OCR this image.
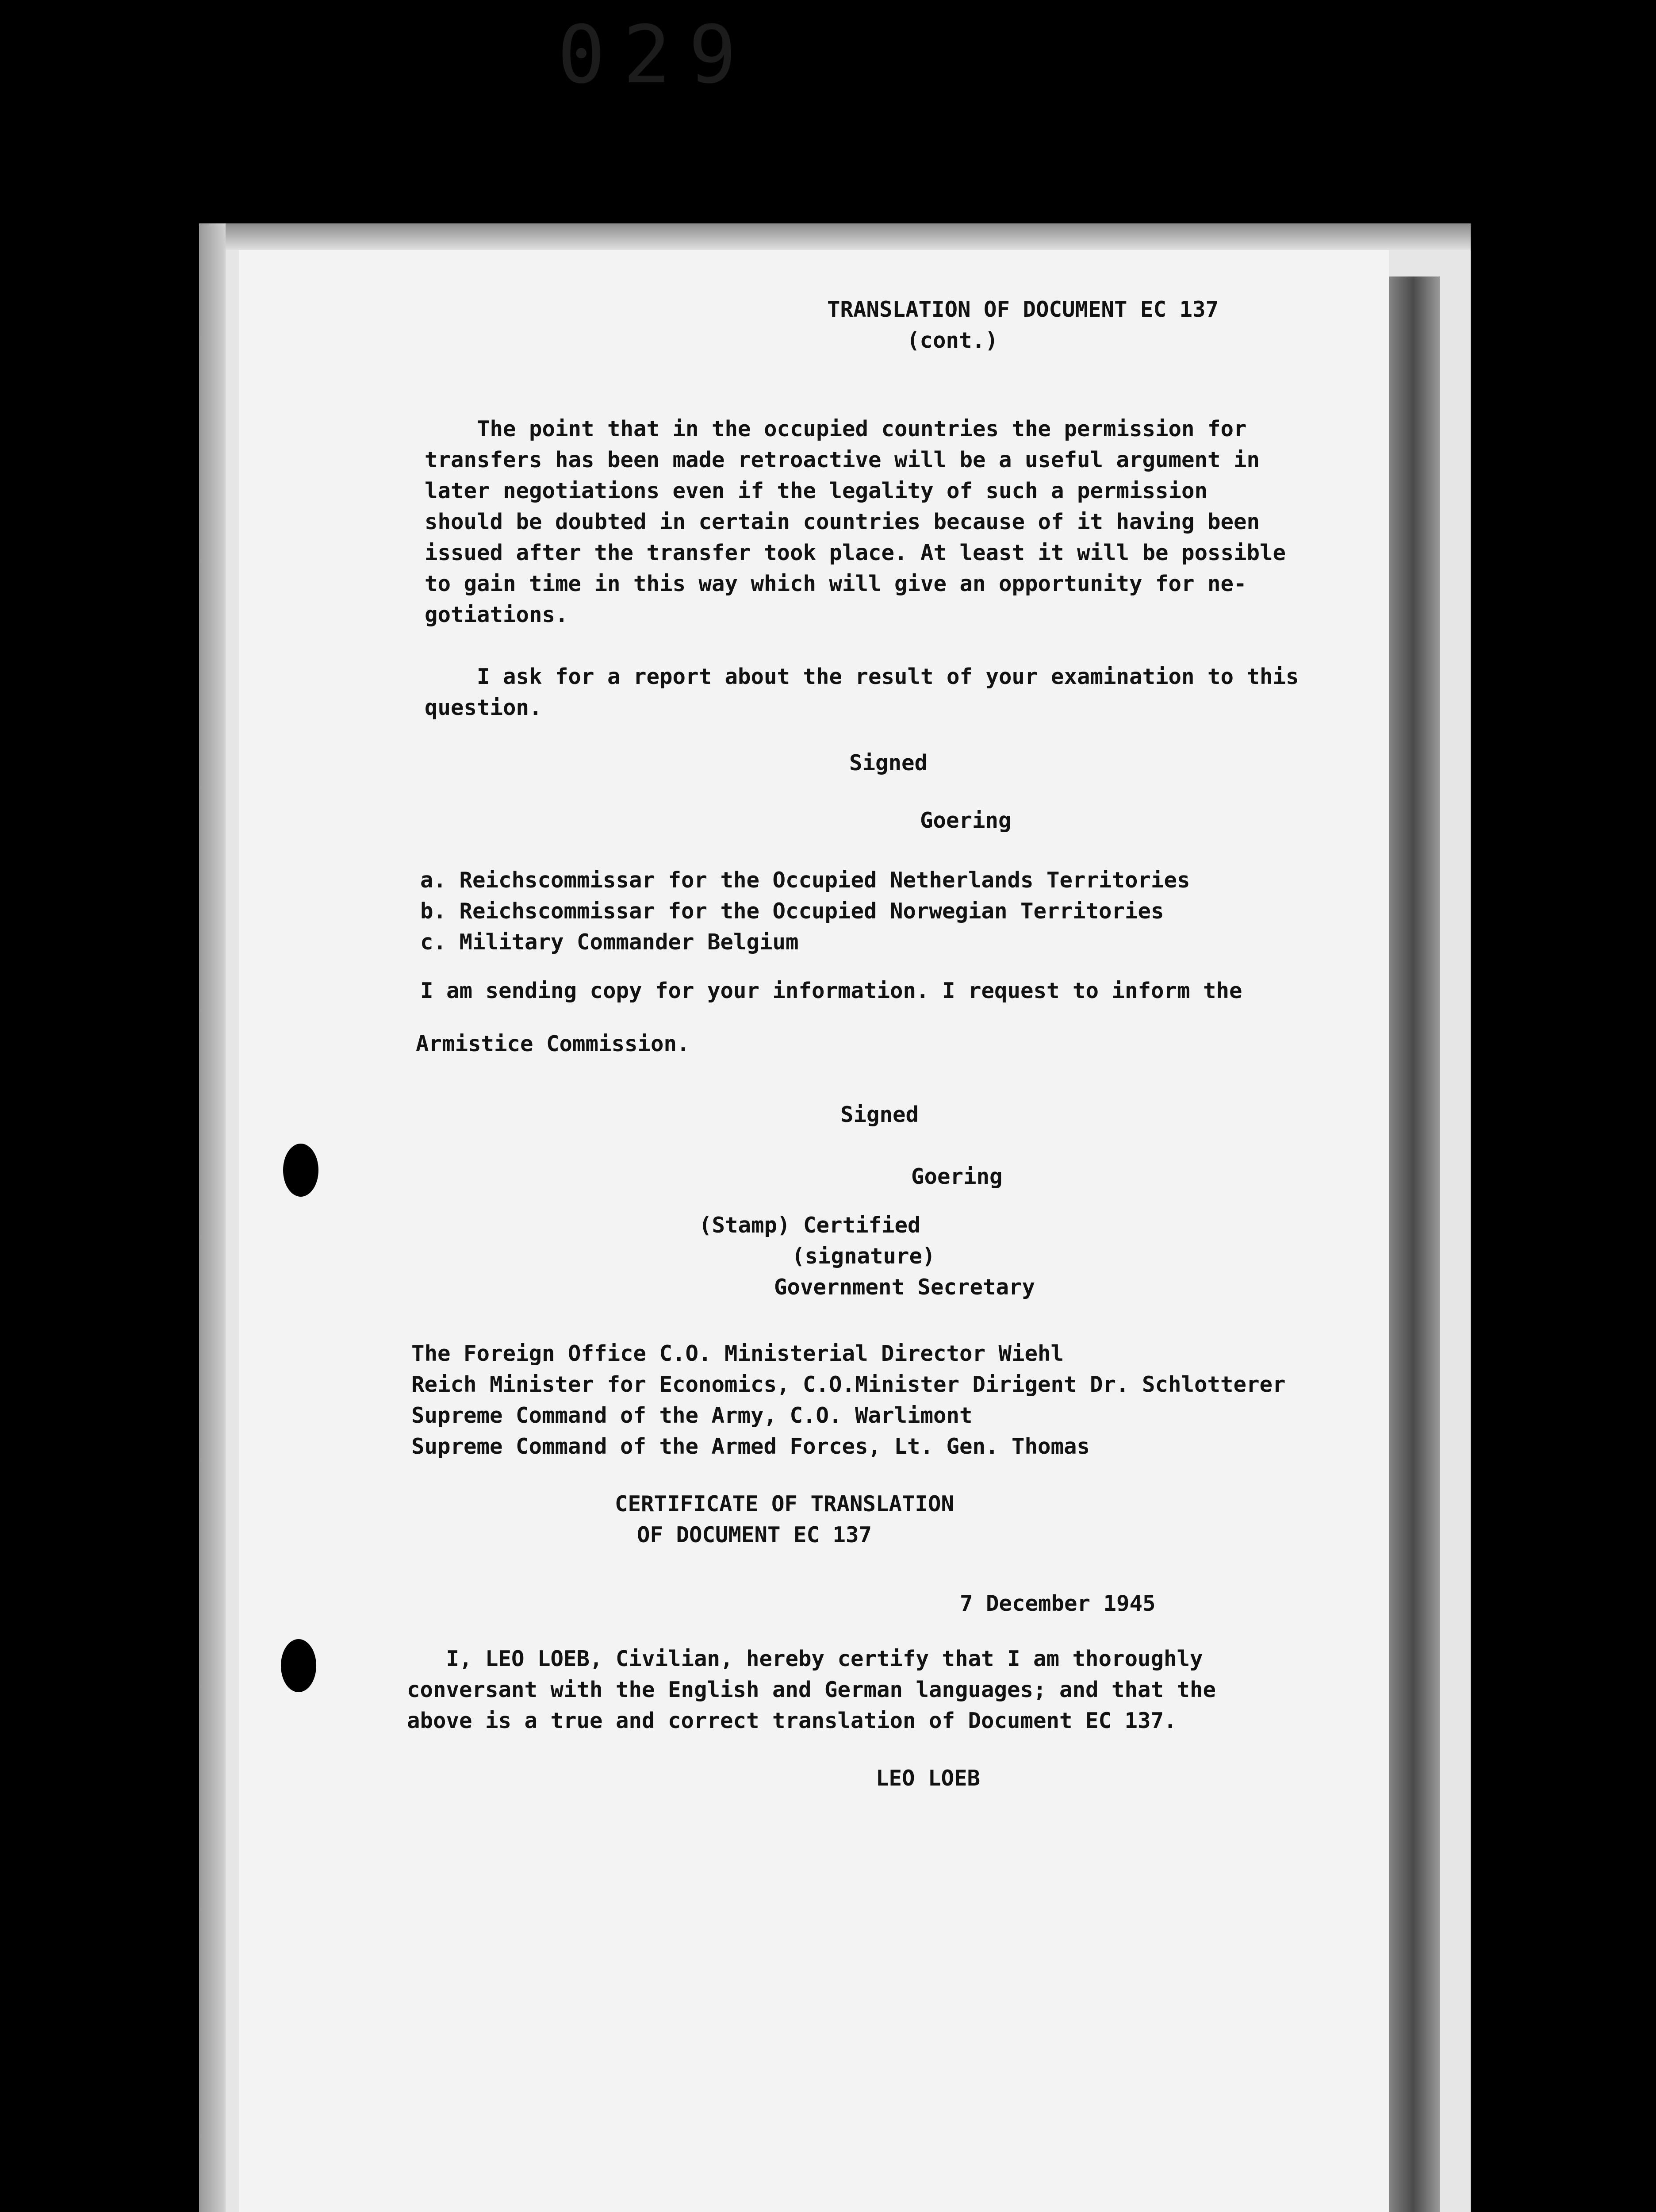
029
TRANSLATION OF DOCUMENT EC 137
(cont.)
The point that in the occupied countries the permission for
transfers has been made retroactive will be a useful argument in
later negotiations even if the legality of such a permission
should be doubted in certain countries because of it having been
issued after the transfer took place. At least it will be possible
to gain time in this way which will give an opportunity for ne-
gotiations.
I ask for a report about the result of your examination to this
question.
Signed
Goering
a. Reichscommissar for the Occupied Netherlands Territories
b. Reichscommissar for the Occupied Norwegian Territories
c. Military Commander Belgium
I am sending copy for your information. I request to inform the
Armistice Commission.
Signed
Goering
(Stamp) Certified
(signature)
Government Secretary
The Foreign Office C.O. Ministerial Director Wiehl
Reich Minister for Economics, C.O.Minister Dirigent Dr. Schlotterer
Supreme Command of the Army, C.O. Warlimont
Supreme Command of the Armed Forces, Lt. Gen. Thomas
CERTIFICATE OF TRANSLATION
OF DOCUMENT EC 137
7 December 1945
I, LEO LOEB, Civilian, hereby certify that I am thoroughly
conversant with the English and German languages; and that the
above is a true and correct translation of Document EC 137.
LEO LOEB
